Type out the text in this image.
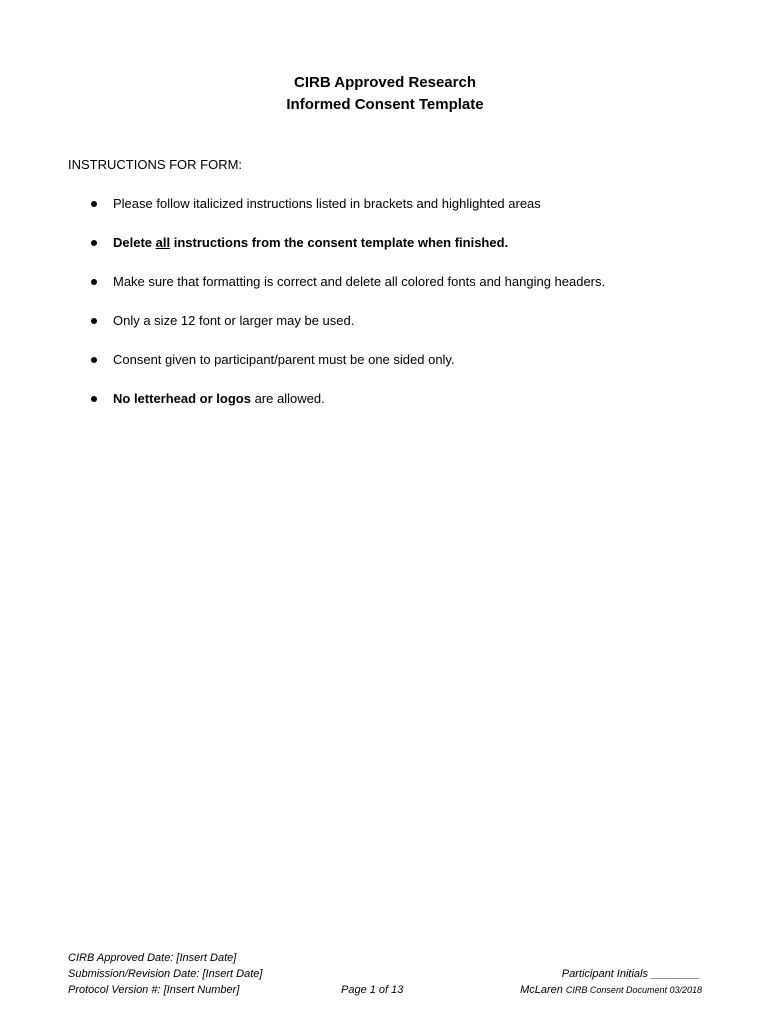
CIRB Approved Research
Informed Consent Template
INSTRUCTIONS FOR FORM:
Please follow italicized instructions listed in brackets and highlighted areas
Delete all instructions from the consent template when finished.
Make sure that formatting is correct and delete all colored fonts and hanging headers.
Only a size 12 font or larger may be used.
Consent given to participant/parent must be one sided only.
No letterhead or logos are allowed.
CIRB Approved Date: [Insert Date]
Submission/Revision Date: [Insert Date]
Protocol Version #: [Insert Number]	Page 1 of 13
Participant Initials ________
McLaren CIRB Consent Document 03/2018
